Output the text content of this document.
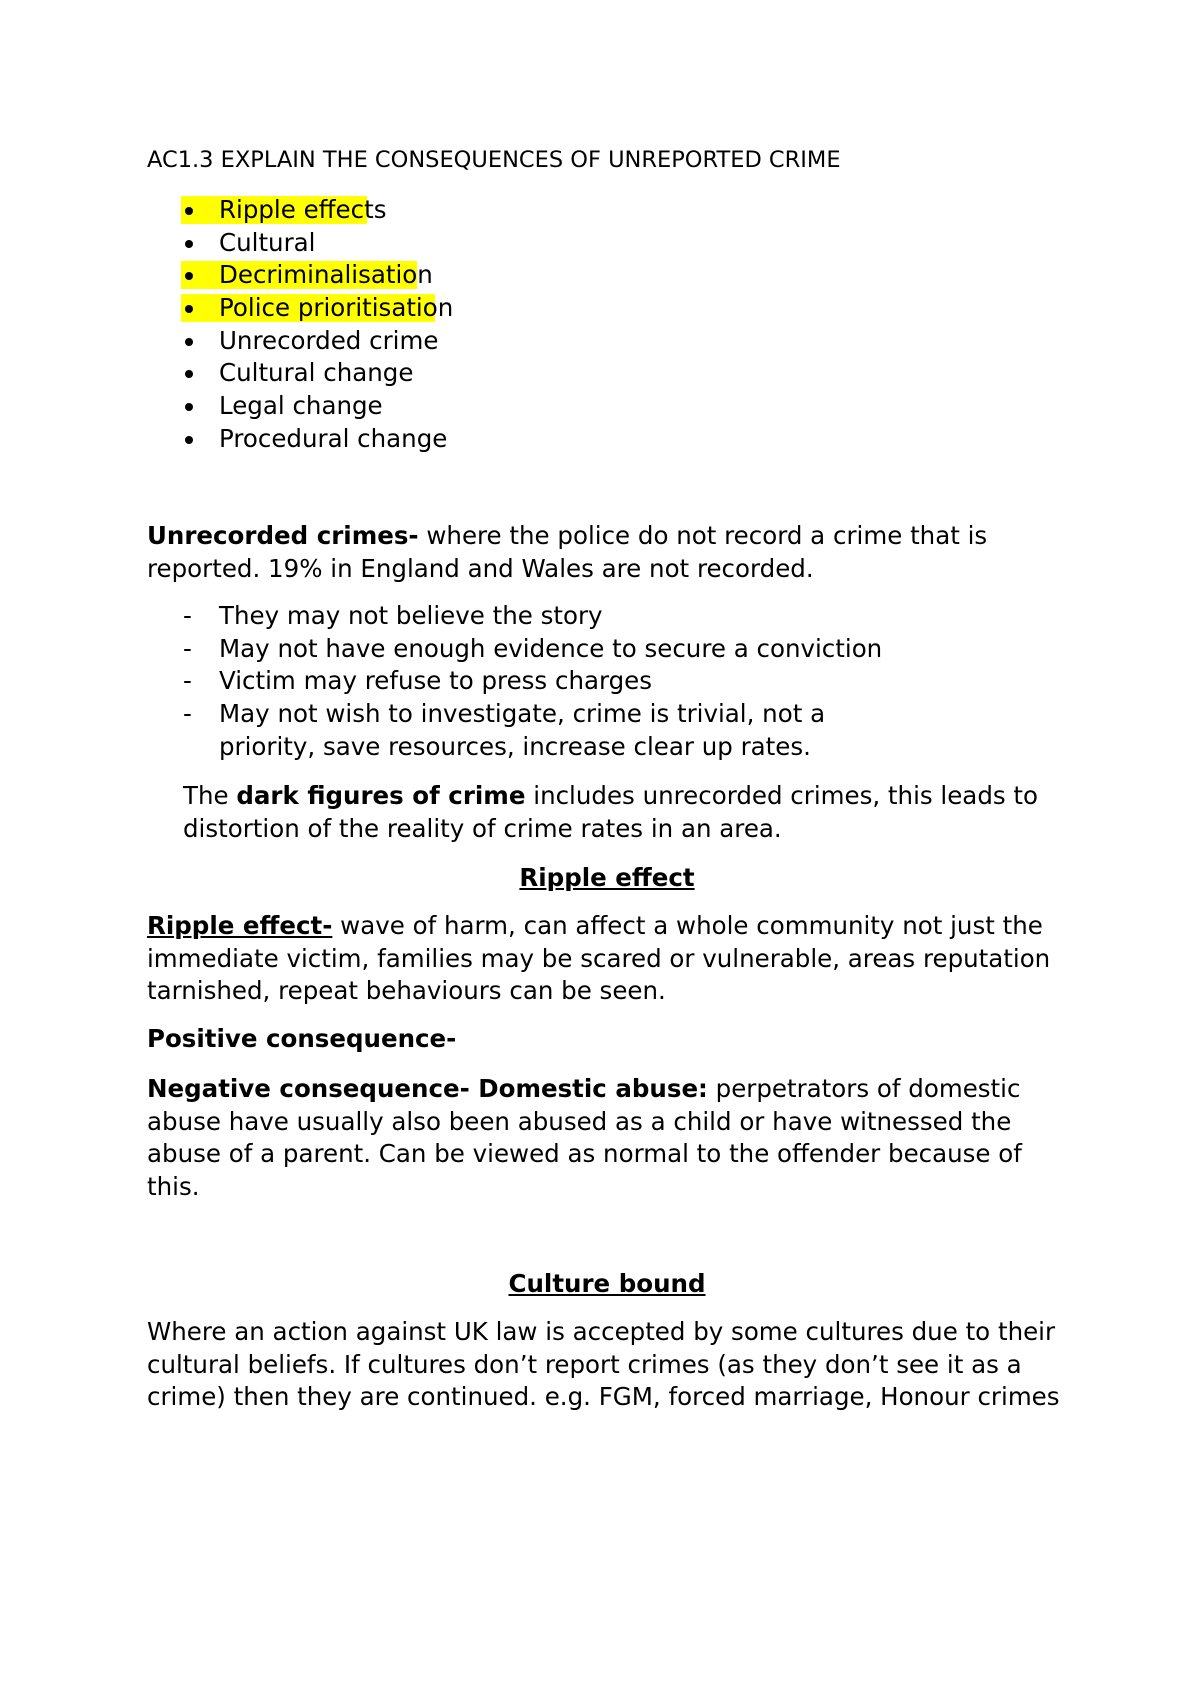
AC1.3 EXPLAIN THE CONSEQUENCES OF UNREPORTED CRIME
Ripple effects
Cultural
Decriminalisation
Police prioritisation
Unrecorded crime
Cultural change
Legal change
Procedural change

Unrecorded crimes- where the police do not record a crime that is reported. 19% in England and Wales are not recorded.

- They may not believe the story
- May not have enough evidence to secure a conviction
- Victim may refuse to press charges
- May not wish to investigate, crime is trivial, not a priority, save resources, increase clear up rates.

The dark figures of crime includes unrecorded crimes, this leads to distortion of the reality of crime rates in an area.

Ripple effect

Ripple effect- wave of harm, can affect a whole community not just the immediate victim, families may be scared or vulnerable, areas reputation tarnished, repeat behaviours can be seen.

Positive consequence-

Negative consequence- Domestic abuse: perpetrators of domestic abuse have usually also been abused as a child or have witnessed the abuse of a parent. Can be viewed as normal to the offender because of this.

Culture bound

Where an action against UK law is accepted by some cultures due to their cultural beliefs. If cultures don’t report crimes (as they don’t see it as a crime) then they are continued. e.g. FGM, forced marriage, Honour crimes
